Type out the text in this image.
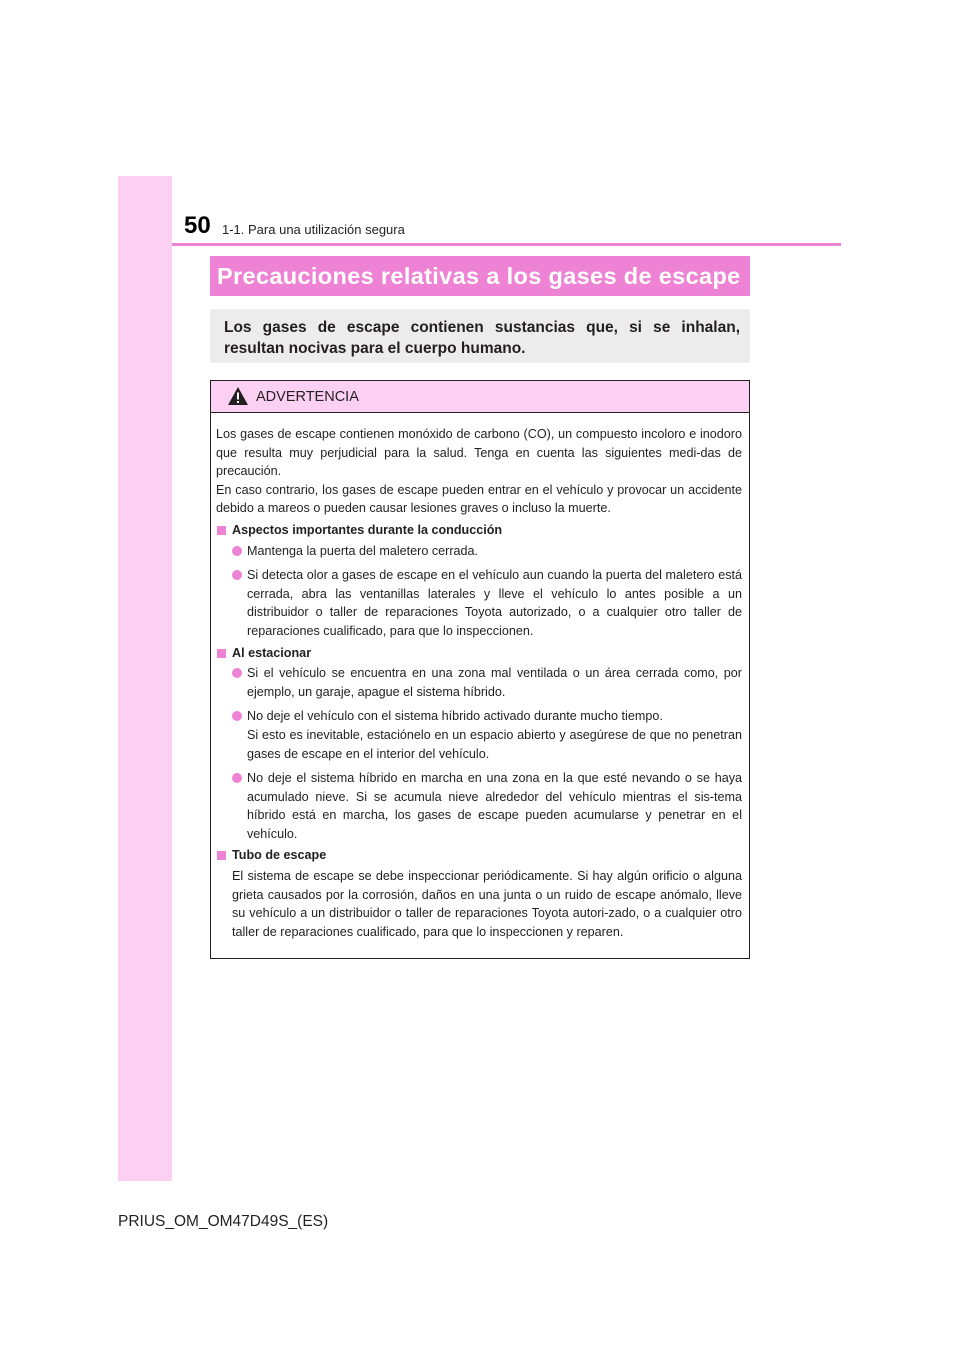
50 1-1. Para una utilización segura
Precauciones relativas a los gases de escape
Los gases de escape contienen sustancias que, si se inhalan, resultan nocivas para el cuerpo humano.
ADVERTENCIA

Los gases de escape contienen monóxido de carbono (CO), un compuesto incoloro e inodoro que resulta muy perjudicial para la salud. Tenga en cuenta las siguientes medi-das de precaución.

En caso contrario, los gases de escape pueden entrar en el vehículo y provocar un accidente debido a mareos o pueden causar lesiones graves o incluso la muerte.

Aspectos importantes durante la conducción
Mantenga la puerta del maletero cerrada.
Si detecta olor a gases de escape en el vehículo aun cuando la puerta del maletero está cerrada, abra las ventanillas laterales y lleve el vehículo lo antes posible a un distribuidor o taller de reparaciones Toyota autorizado, o a cualquier otro taller de reparaciones cualificado, para que lo inspeccionen.
Al estacionar
Si el vehículo se encuentra en una zona mal ventilada o un área cerrada como, por ejemplo, un garaje, apague el sistema híbrido.
No deje el vehículo con el sistema híbrido activado durante mucho tiempo.
Si esto es inevitable, estaciónelo en un espacio abierto y asegúrese de que no penetran gases de escape en el interior del vehículo.
No deje el sistema híbrido en marcha en una zona en la que esté nevando o se haya acumulado nieve. Si se acumula nieve alrededor del vehículo mientras el sis-tema híbrido está en marcha, los gases de escape pueden acumularse y penetrar en el vehículo.
Tubo de escape
El sistema de escape se debe inspeccionar periódicamente. Si hay algún orificio o alguna grieta causados por la corrosión, daños en una junta o un ruido de escape anómalo, lleve su vehículo a un distribuidor o taller de reparaciones Toyota autori-zado, o a cualquier otro taller de reparaciones cualificado, para que lo inspeccionen y reparen.
PRIUS_OM_OM47D49S_(ES)
